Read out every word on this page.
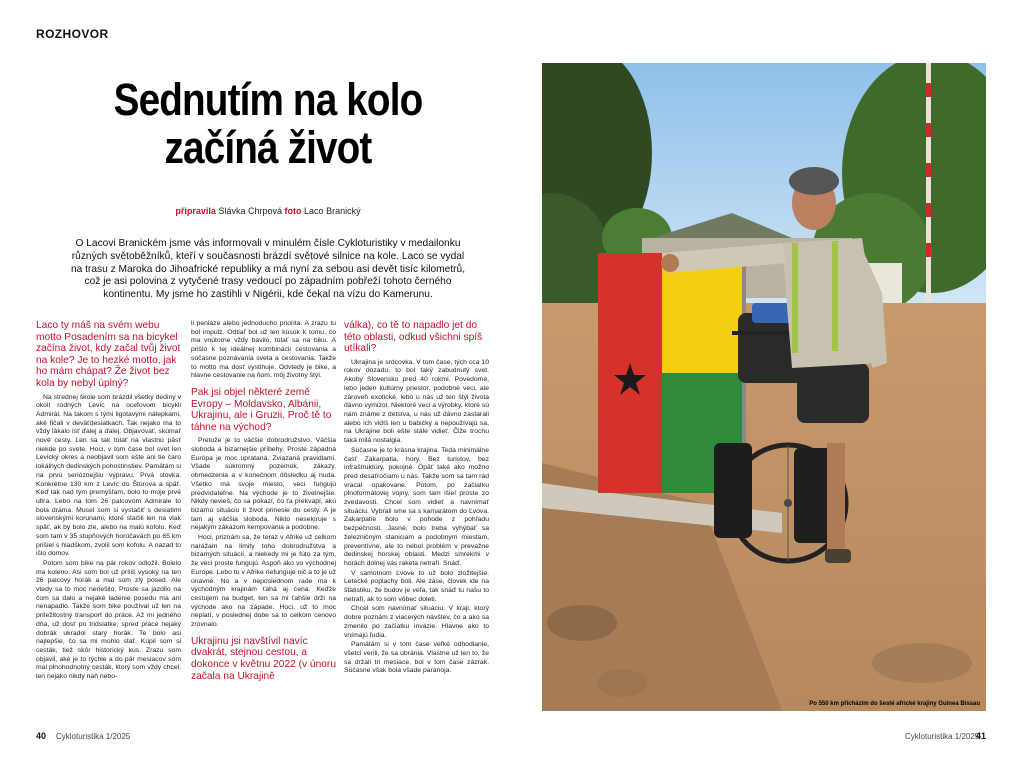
ROZHOVOR
Sednutím na kolo
začíná život
připravila Slávka Chrpová foto Laco Branický

O Lacovi Branickém jsme vás informovali v minulém čísle Cykloturistiky v medailonku různých světoběžníků, kteří v současnosti brázdí světové silnice na kole. Laco se vydal na trasu z Maroka do Jihoafrické republiky a má nyní za sebou asi devět tisíc kilometrů, což je asi polovina z vytyčené trasy vedoucí po západním pobřeží tohoto černého kontinentu. My jsme ho zastihli v Nigérii, kde čekal na vízu do Kamerunu.

Laco ty máš na svém webu motto Posadením sa na bicykel začína život, kdy začal tvůj život na kole? Je to hezké motto, jak ho mám chápat? Že život bez kola by nebyl úplný?

Na strednej škole som brázdil všetky dediny v okolí rodných Levíc na ocefovom bicykli Admirál. Na takom s tými ligotavými nálepkami, aké fičali v deväťdesiatkach. Tak nejako ma to vždy lákalo ísť ďalej a ďalej. Objavovať, skúmať nové cesty. Len sa tak túlať na vlastnú päsť niekde po svete. Hoci, v tom čase bol svet len Levický okres a neobjavil som ešte ani tie čaro lokálnych dedinských pohostinstiev. Pamätám si na prvú serióznejšiu výpravu. Prvá stovka. Konkrétne 130 km z Levíc do Štúrova a späť. Keď tak nad tým premýšľam, bolo to moje prvé ultra. Lebo na tom 26 palcovom Admirale to bola dráma. Musel som si vystačiť s desiatimi slovenskými korunami, ktoré stačili len na vlak späť, ak by bolo zle, alebo na malú kofolu. Keď som tam v 35 stupňových horúčavách po 65 km prišiel s hladškom, zvolil som kofolu. A nazad to išlo domov.

Potom som bike na pár rokov odložil. Bolelo ma koleno. Asi som bol už príliš vysoký na ten 26 palcový horák a mal som zlý posed. Ale vtedy sa to moc neriešilo. Proste sa jazdilo na čom sa dalo a nejaké ladenie posedu ma ani nenapadlo. Takže som bike používal už len na príležitostný transport do práce. Až mi jedného dňa, už dosť po tridsiatke, spred práce nejaký dobrák ukradol starý horák. Te bolo asi najlepšie, čo sa mi mohlo stať. Kúpil som si cesták, tiež skôr historický kus. Zrazu som objavil, aké je to rýchle a do pár mesiacov som mal plnohodnotný cesták, ktorý som vždy chcel, len nejako nikdy naň nebo-

li peniaze alebo jednoducho priorita. A zrazu tu bol impulz. Odtiaľ bol už len kúsok k tomu, čo ma vnútorne vždy bavilo, túlať sa na biku. A prišlo k tej ideálnej kombinácii cestovania a súčasne poznávania sveta a cestovania. Takže to motto ma dosť vystihuje. Odvtedy je bike, a hlavne cestovanie na ňom, môj životný štýl.

Pak jsi objel některé země Evropy – Moldavsko, Albánii, Ukrajinu, ale i Gruzii. Proč tě to táhne na východ?

Pretože je to väčšie dobrodružstvo. Väčšia sloboda a bizarnejšie príbehy. Proste západná Európa je moc uprataná. Zviazaná pravidlami. Všade súkromný pozemok, zákazy, obmedzenia a v konečnom dôsledku aj nuda. Všetko má svoje miesto, veci fungujú predvídateľne. Na východe je to živelnejšie. Nikdy nevieš, čo sa pokazí, čo ťa prekvapí, akú bizarnú situáciu ti život prinesie do cesty. A je tam aj väčšia sloboda. Nikto nesekíruje s nejakým zákazom kempovania a podobne.

Hoci, priznám sa, že teraz v Afrike už celkom narážam na limity toho dobrodružstva a bizarných situácií, a niekedy mi je fúto za tým, že veci proste fungujú. Aspoň ako vo východnej Európe. Lebo tu v Afrike nefunguje nič a to je už únavné. No a v neposlednom rade ma k východným krajinám ťahá aj cena. Keďže cestujem na budget, ten sa mi ťahšie drží na východe ako na západe. Hoci, už to moc neplatí, v poslednej dobe sa to celkom cenovo zrovnalo.

Ukrajinu jsi navštívil navíc dvakrát, stejnou cestou, a dokonce v květnu 2022 (v únoru začala na Ukrajině
válka), co tě to napadlo jet do této oblasti, odkud všichni spíš utíkali?

Ukrajina je srdcovka. V tom čase, tých cca 10 rokov dozadu, to bol taký zabudnutý svet. Akoby Slovensko pred 40 rokmi. Povedomé, lebo jeden kultúrny priestor, podobné veci, ale zároveň exotické, lebo u nás už ten štýl života dávno vymizol. Niektoré veci a výrobky, ktoré sú nám známe z detstva, u nás už dávno zastarali alebo ich vidíš len u babičky a nepoužívajú sa, na Ukrajine boli ešte stále vidieť. Čiže trochu taká milá nostalgia.

Súčasne je to krásna krajina. Teda minimálne časť Zakarpatia, hory. Bez turistov, bez infraštruktúry, pokojné. Opäť také ako možno pred desaťročiami u nás. Takže som sa tam rád vracal opakovane. Potom, po začiatku plnoformátovej vojny, som tam išiel proste zo zvedavosti. Chcel som vidieť a navnímať situáciu. Vybrali sme sa s kamarátom do Ľvova. Zakarpatie bolo v pohode z pohľadu bezpečnosti. Jasné, bolo treba vyhýbať sa železničným staniciam a podobným miestam, preventívne, ale to nebol problém v prevažne dedinskej horskej oblasti. Medzi smrekmi v horách dolnej vás raketa netrafí. Snáď.

V samotnom Ľvove to už bolo zložitejšie. Letecké poplachy boli. Ale zase, človek ide na štatistiku, že budov je veľa, tak snáď tu našu to netrafí, ak to som vôbec doleti.

Chcel som navnímať situáciu. V kraji, ktorý dobre poznám z viacerých návštev, čo a ako sa zmenilo po začiatku invázie. Hlavne ako to vnímajú ľudia.

Pamätám si v tom čase veľké odhodlanie, všetci verili, že sa ubránia. Vlastne už len to, že sa držali tri mesiace, bol v tom čase zázrak. Súčasne však bola všade paranoja.

Po 550 km přicházím do šesté africké krajiny Guinea Bissau
40 Cykloturistika 1/2025	Cykloturistika 1/2025
41
